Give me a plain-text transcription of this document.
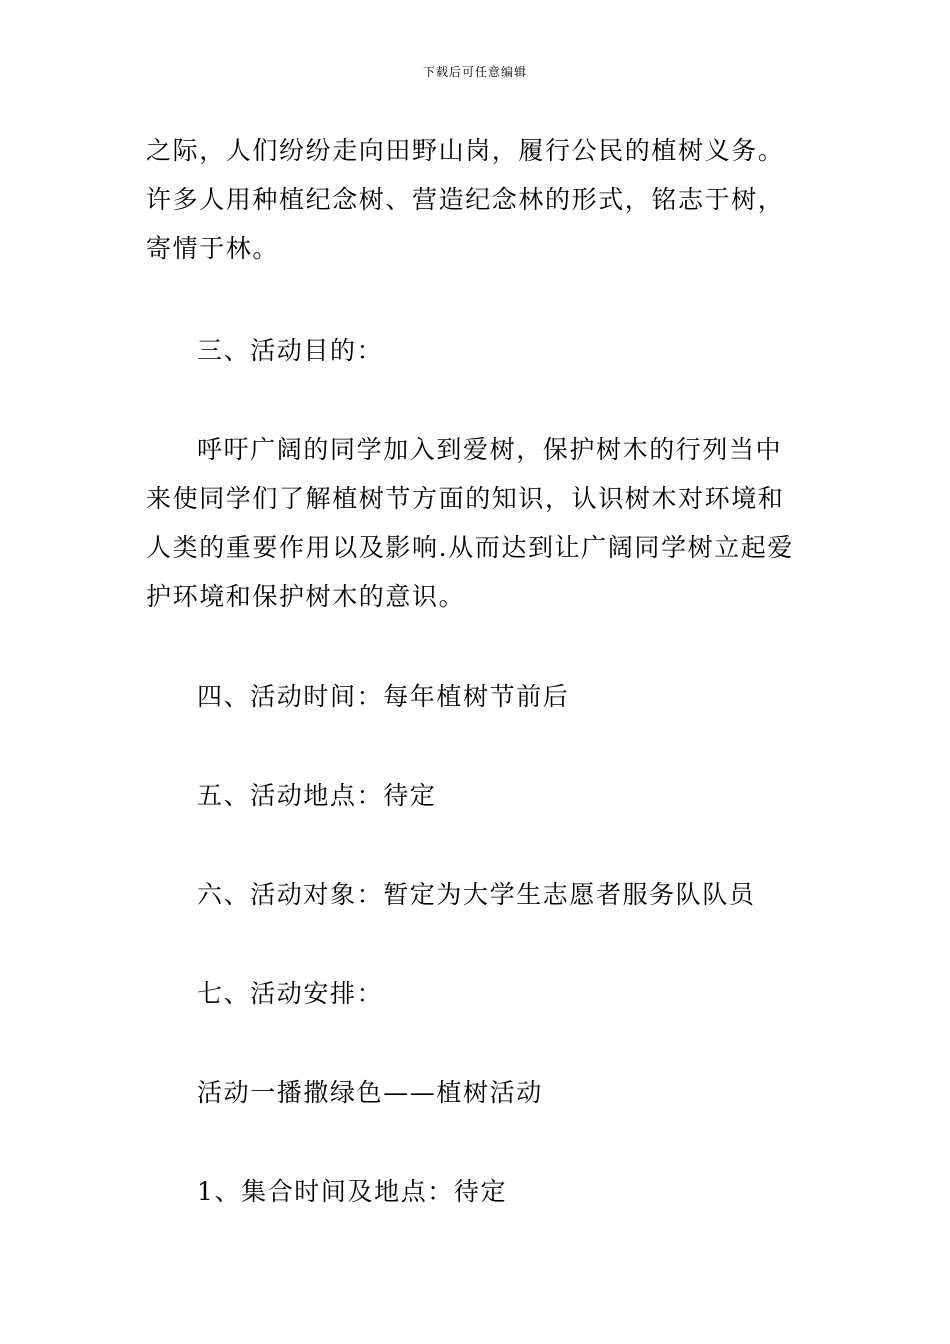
下载后可任意编辑

之际，人们纷纷走向田野山岗，履行公民的植树义务。许多人用种植纪念树、营造纪念林的形式，铭志于树，寄情于林。

三、活动目的：

呼吁广阔的同学加入到爱树，保护树木的行列当中来使同学们了解植树节方面的知识，认识树木对环境和人类的重要作用以及影响.从而达到让广阔同学树立起爱护环境和保护树木的意识。

四、活动时间：每年植树节前后

五、活动地点：待定

六、活动对象：暂定为大学生志愿者服务队队员

七、活动安排：

活动一播撒绿色——植树活动

1、集合时间及地点：待定
